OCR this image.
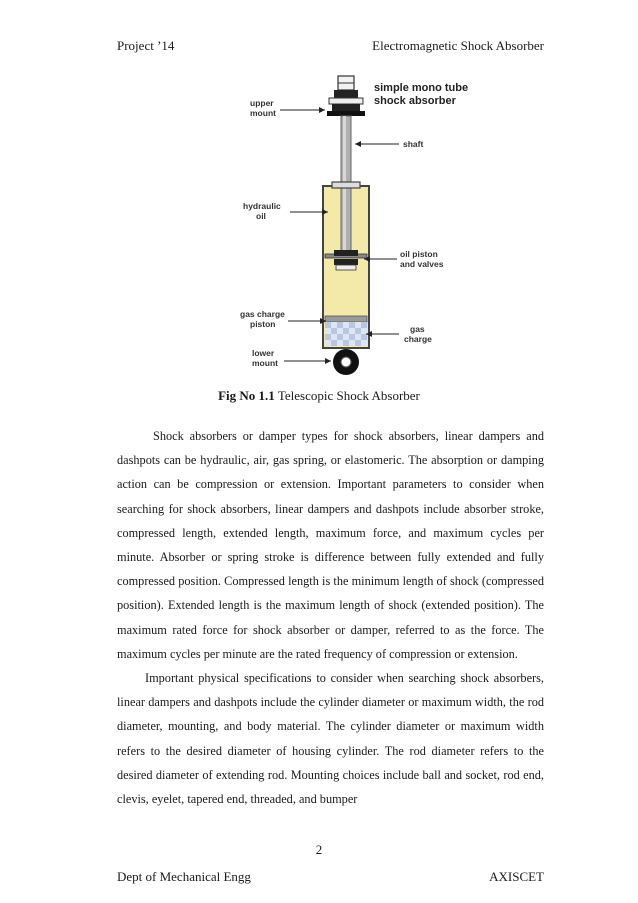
Project ’14	Electromagnetic Shock Absorber
simple mono tube
shock absorber
upper
mount
shaft
hydraulic
oil
oil piston
and valves
gas charge
piston	gas
charge
lower
mount
Fig No 1.1 Telescopic Shock Absorber

Shock absorbers or damper types for shock absorbers, linear dampers and dashpots can be hydraulic, air, gas spring, or elastomeric. The absorption or damping action can be compression or extension. Important parameters to consider when searching for shock absorbers, linear dampers and dashpots include absorber stroke, compressed length, extended length, maximum force, and maximum cycles per minute. Absorber or spring stroke is difference between fully extended and fully compressed position. Compressed length is the minimum length of shock (compressed position). Extended length is the maximum length of shock (extended position). The maximum rated force for shock absorber or damper, referred to as the force. The maximum cycles per minute are the rated frequency of compression or extension.

Important physical specifications to consider when searching shock absorbers, linear dampers and dashpots include the cylinder diameter or maximum width, the rod diameter, mounting, and body material. The cylinder diameter or maximum width refers to the desired diameter of housing cylinder. The rod diameter refers to the desired diameter of extending rod. Mounting choices include ball and socket, rod end, clevis, eyelet, tapered end, threaded, and bumper

2
Dept of Mechanical Engg	AXISCET
